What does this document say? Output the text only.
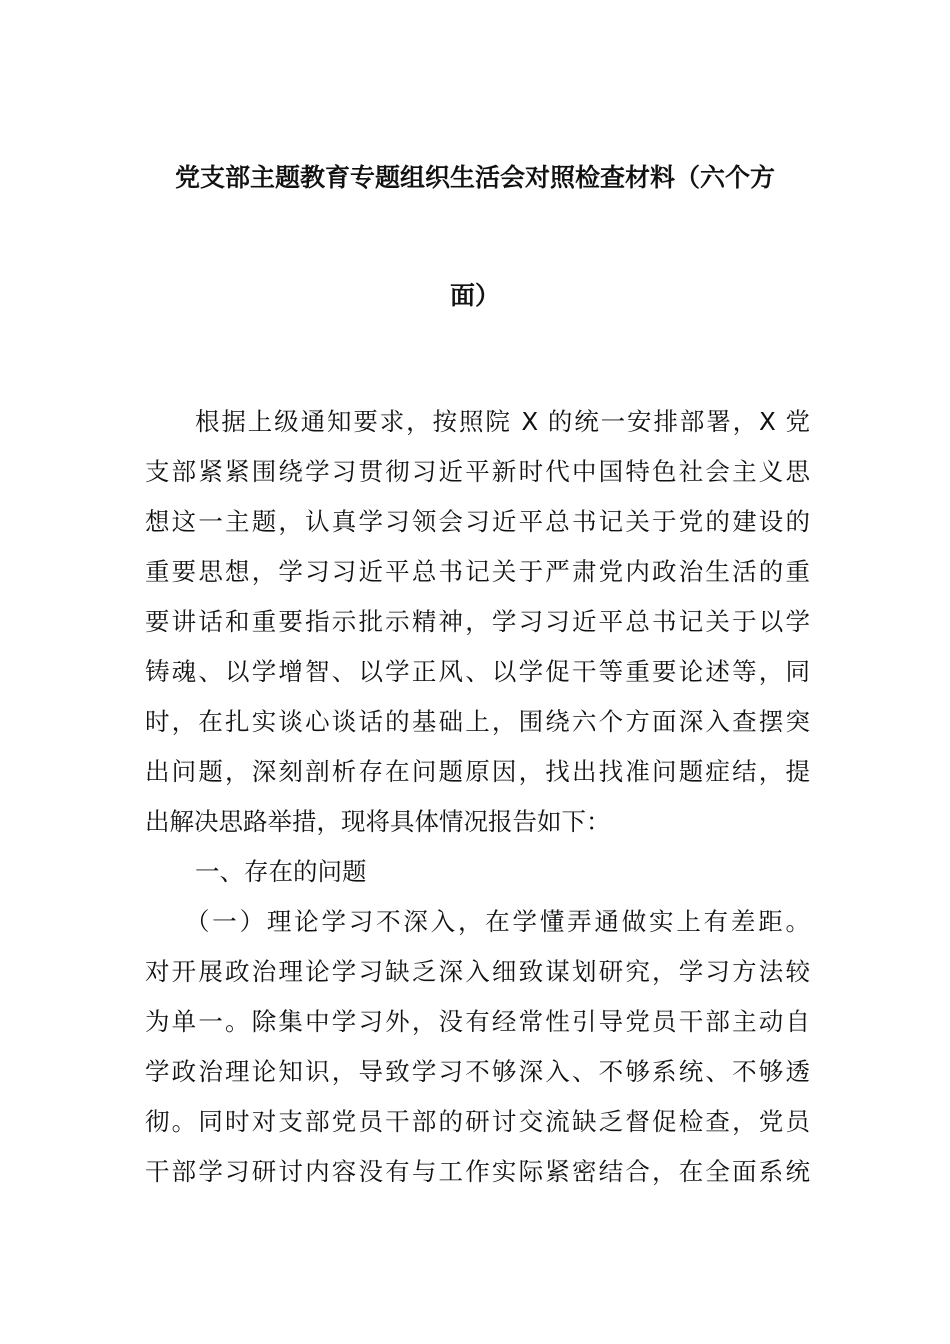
党支部主题教育专题组织生活会对照检查材料（六个方
面）
根据上级通知要求，按照院 X 的统一安排部署，X 党
支部紧紧围绕学习贯彻习近平新时代中国特色社会主义思
想这一主题，认真学习领会习近平总书记关于党的建设的
重要思想，学习习近平总书记关于严肃党内政治生活的重
要讲话和重要指示批示精神，学习习近平总书记关于以学
铸魂、以学增智、以学正风、以学促干等重要论述等，同
时，在扎实谈心谈话的基础上，围绕六个方面深入查摆突
出问题，深刻剖析存在问题原因，找出找准问题症结，提
出解决思路举措，现将具体情况报告如下：
一、存在的问题
（一）理论学习不深入，在学懂弄通做实上有差距。
对开展政治理论学习缺乏深入细致谋划研究，学习方法较
为单一。除集中学习外，没有经常性引导党员干部主动自
学政治理论知识，导致学习不够深入、不够系统、不够透
彻。同时对支部党员干部的研讨交流缺乏督促检查，党员
干部学习研讨内容没有与工作实际紧密结合，在全面系统
